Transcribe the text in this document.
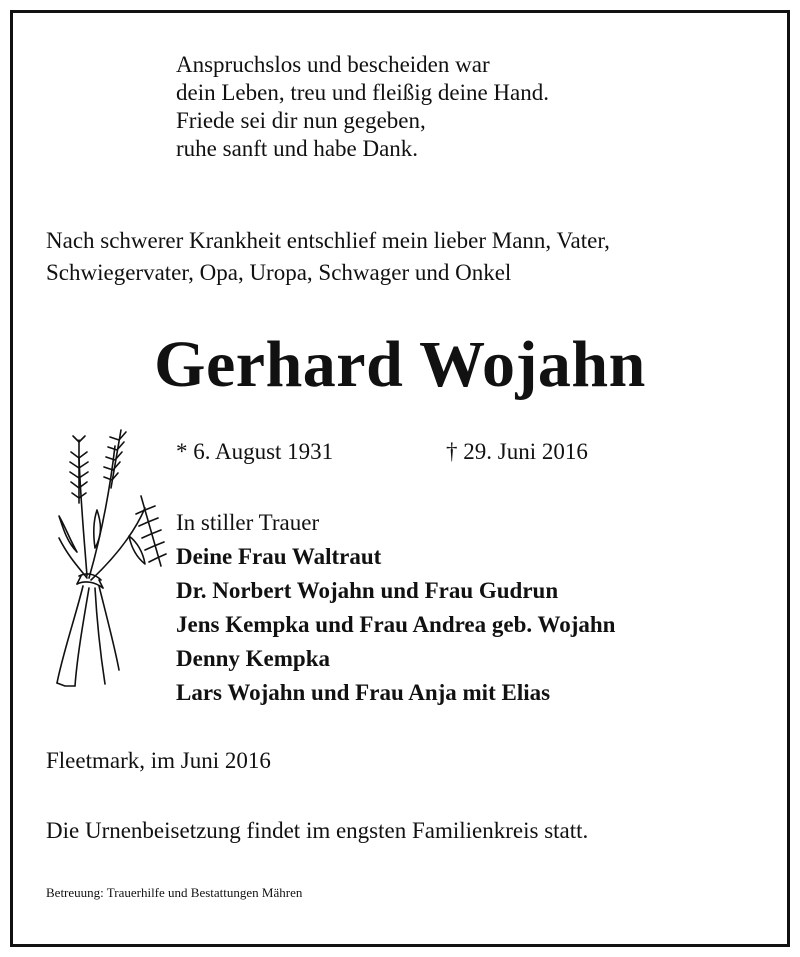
Anspruchslos und bescheiden war
dein Leben, treu und fleißig deine Hand.
Friede sei dir nun gegeben,
ruhe sanft und habe Dank.
Nach schwerer Krankheit entschlief mein lieber Mann, Vater,
Schwiegervater, Opa, Uropa, Schwager und Onkel
Gerhard Wojahn
* 6. August 1931	† 29. Juni 2016
In stiller Trauer
Deine Frau Waltraut
Dr. Norbert Wojahn und Frau Gudrun
Jens Kempka und Frau Andrea geb. Wojahn
Denny Kempka
Lars Wojahn und Frau Anja mit Elias
Fleetmark, im Juni 2016
Die Urnenbeisetzung findet im engsten Familienkreis statt.
Betreuung: Trauerhilfe und Bestattungen Mähren
